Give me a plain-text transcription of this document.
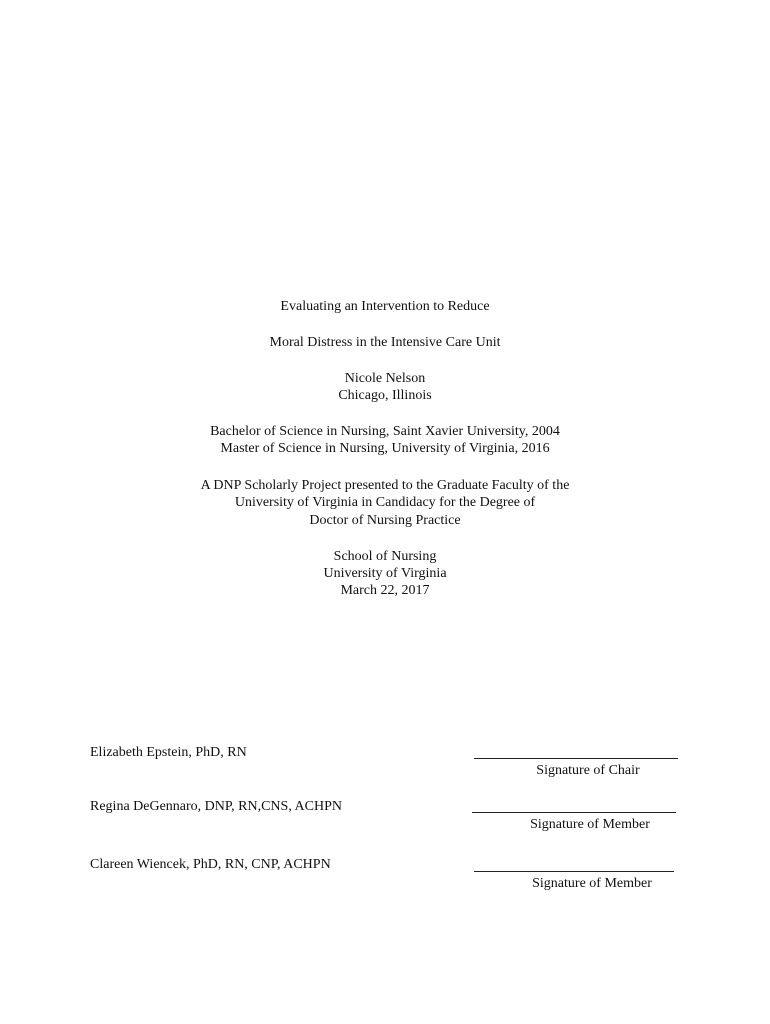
Evaluating an Intervention to Reduce
Moral Distress in the Intensive Care Unit
Nicole Nelson
Chicago, Illinois
Bachelor of Science in Nursing, Saint Xavier University, 2004
Master of Science in Nursing, University of Virginia, 2016
A DNP Scholarly Project presented to the Graduate Faculty of the
University of Virginia in Candidacy for the Degree of
Doctor of Nursing Practice
School of Nursing
University of Virginia
March 22, 2017
Elizabeth Epstein, PhD, RN
Signature of Chair
Regina DeGennaro, DNP, RN,CNS, ACHPN
Signature of Member
Clareen Wiencek, PhD, RN, CNP, ACHPN
Signature of Member
